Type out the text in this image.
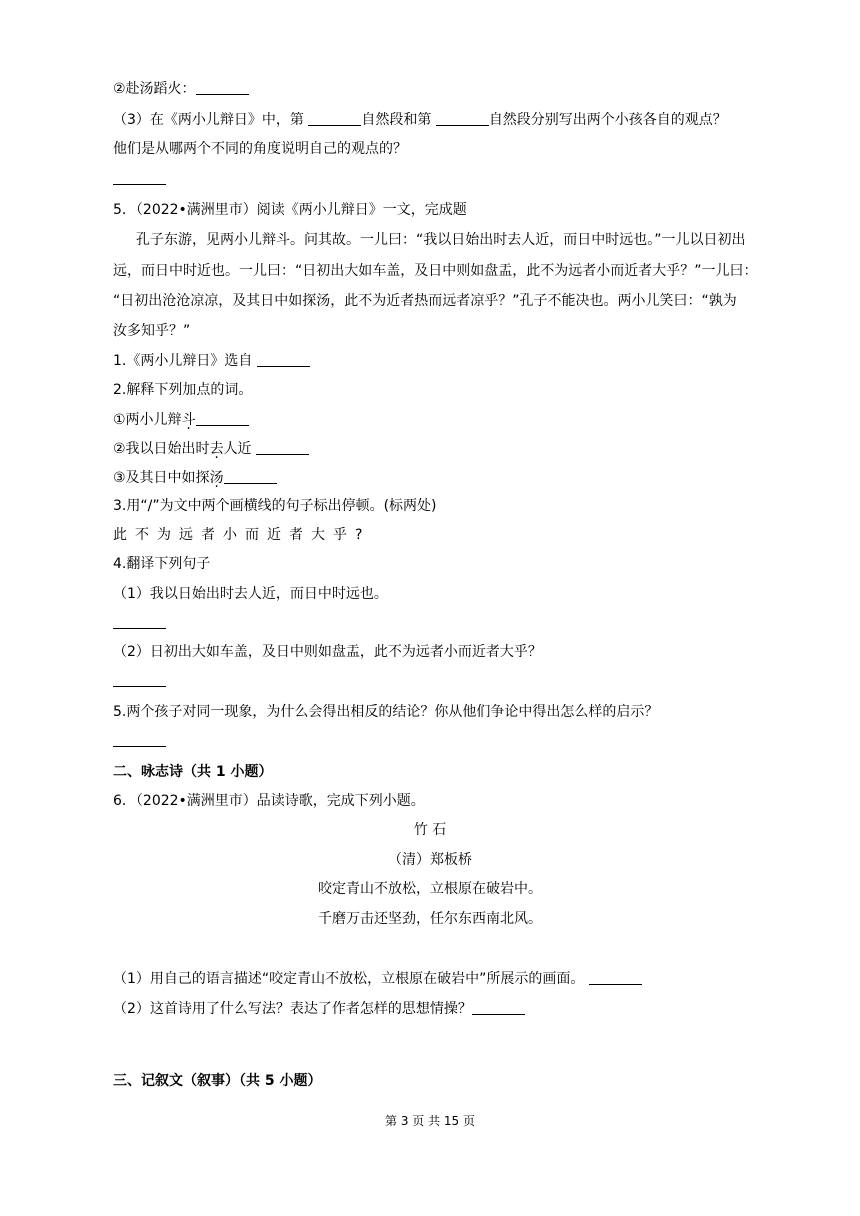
②赴汤蹈火：
（3）在《两小儿辩日》中，第	自然段和第	自然段分别写出两个小孩各自的观点？
他们是从哪两个不同的角度说明自己的观点的？
5．（2022•满洲里市）阅读《两小儿辩日》一文，完成题
孔子东游，见两小儿辩斗。问其故。一儿曰：“我以日始出时去人近，而日中时远也。”一儿以日初出
远，而日中时近也。一儿曰：“日初出大如车盖，及日中则如盘盂，此不为远者小而近者大乎？”一儿曰：
“日初出沧沧凉凉，及其日中如探汤，此不为近者热而远者凉乎？”孔子不能决也。两小儿笑曰：“孰为
汝多知乎？”
1.《两小儿辩日》选自
2.解释下列加点的词。
①两小儿辩斗
②我以日始出时去人近
③及其日中如探汤
3.用“/”为文中两个画横线的句子标出停顿。(标两处)
此不为远者小而近者大乎?
4.翻译下列句子
（1）我以日始出时去人近，而日中时远也。
（2）日初出大如车盖，及日中则如盘盂，此不为远者小而近者大乎？
5.两个孩子对同一现象，为什么会得出相反的结论？你从他们争论中得出怎么样的启示？
二、咏志诗（共 1 小题）
6．（2022•满洲里市）品读诗歌，完成下列小题。
竹 石
（清）郑板桥
咬定青山不放松，立根原在破岩中。
千磨万击还坚劲，任尔东西南北风。
（1）用自己的语言描述“咬定青山不放松，立根原在破岩中”所展示的画面。
（2）这首诗用了什么写法？表达了作者怎样的思想情操？
三、记叙文（叙事）（共 5 小题）
第 3 页 共 15 页
